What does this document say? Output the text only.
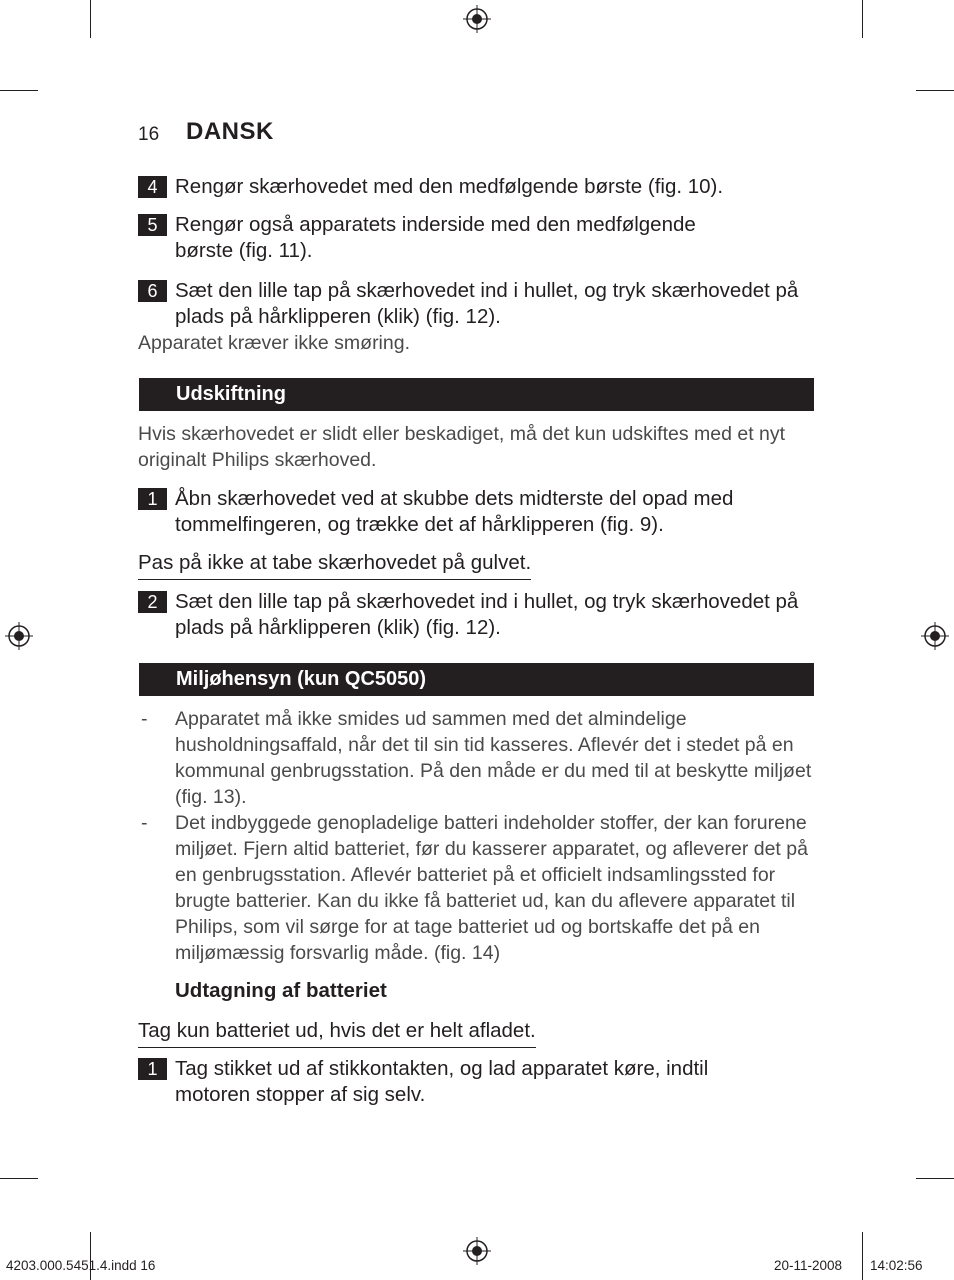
16 DANSK
4 Rengør skærhovedet med den medfølgende børste (fig. 10).
5 Rengør også apparatets inderside med den medfølgende børste (fig. 11).
6 Sæt den lille tap på skærhovedet ind i hullet, og tryk skærhovedet på plads på hårklipperen (klik) (fig. 12).
Apparatet kræver ikke smøring.
Udskiftning
Hvis skærhovedet er slidt eller beskadiget, må det kun udskiftes med et nyt originalt Philips skærhoved.
1 Åbn skærhovedet ved at skubbe dets midterste del opad med tommelfingeren, og trække det af hårklipperen (fig. 9).
Pas på ikke at tabe skærhovedet på gulvet.
2 Sæt den lille tap på skærhovedet ind i hullet, og tryk skærhovedet på plads på hårklipperen (klik) (fig. 12).
Miljøhensyn (kun QC5050)
- Apparatet må ikke smides ud sammen med det almindelige husholdningsaffald, når det til sin tid kasseres. Aflevér det i stedet på en kommunal genbrugsstation. På den måde er du med til at beskytte miljøet (fig. 13).
- Det indbyggede genopladelige batteri indeholder stoffer, der kan forurene miljøet. Fjern altid batteriet, før du kasserer apparatet, og afleverer det på en genbrugsstation. Aflevér batteriet på et officielt indsamlingssted for brugte batterier. Kan du ikke få batteriet ud, kan du aflevere apparatet til Philips, som vil sørge for at tage batteriet ud og bortskaffe det på en miljømæssig forsvarlig måde. (fig. 14)
Udtagning af batteriet
Tag kun batteriet ud, hvis det er helt afladet.
1 Tag stikket ud af stikkontakten, og lad apparatet køre, indtil motoren stopper af sig selv.
4203.000.5451.4.indd 16	20-11-2008 14:02:56
